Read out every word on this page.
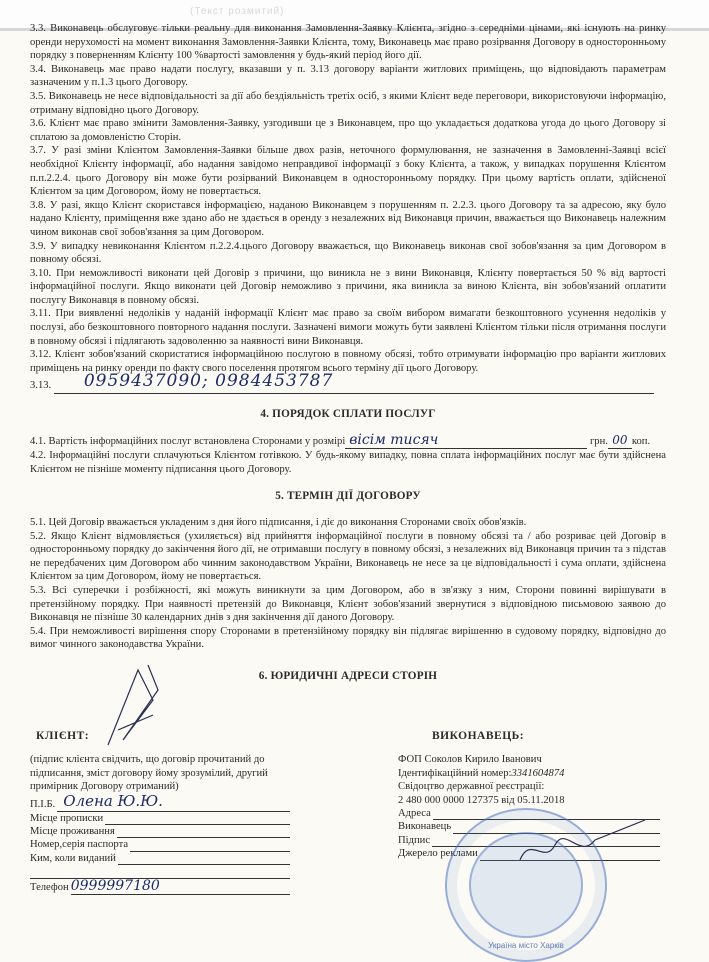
(Текст розмитий)

3.3. Виконавець обслуговує тільки реальну для виконання Замовлення-Заявку Клієнта, згідно з середніми цінами, які існують на ринку оренди нерухомості на момент виконання Замовлення-Заявки Клієнта, тому, Виконавець має право розірвання Договору в односторонньому порядку з поверненням Клієнту 100 %вартості замовлення у будь-який період його дії.

3.4. Виконавець має право надати послугу, вказавши у п. 3.13 договору варіанти житлових приміщень, що відповідають параметрам зазначеним у п.1.3 цього Договору.

3.5. Виконавець не несе відповідальності за дії або бездіяльність третіх осіб, з якими Клієнт веде переговори, використовуючи інформацію, отриману відповідно цього Договору.

3.6. Клієнт має право змінити Замовлення-Заявку, узгодивши це з Виконавцем, про що укладається додаткова угода до цього Договору зі сплатою за домовленістю Сторін.

3.7. У разі зміни Клієнтом Замовлення-Заявки більше двох разів, неточного формулювання, не зазначення в Замовленні-Заявці всієї необхідної Клієнту інформації, або надання завідомо неправдивої інформації з боку Клієнта, а також, у випадках порушення Клієнтом п.п.2.2.4. цього Договору він може бути розірваний Виконавцем в односторонньому порядку. При цьому вартість оплати, здійсненої Клієнтом за цим Договором, йому не повертається.

3.8. У разі, якщо Клієнт скористався інформацією, наданою Виконавцем з порушенням п. 2.2.3. цього Договору та за адресою, яку було надано Клієнту, приміщення вже здано або не здається в оренду з незалежних від Виконавця причин, вважається що Виконавець належним чином виконав свої зобов'язання за цим Договором.

3.9. У випадку невиконання Клієнтом п.2.2.4.цього Договору вважається, що Виконавець виконав свої зобов'язання за цим Договором в повному обсязі.

3.10. При неможливості виконати цей Договір з причини, що виникла не з вини Виконавця, Клієнту повертається 50 % від вартості інформаційної послуги. Якщо виконати цей Договір неможливо з причини, яка виникла за виною Клієнта, він зобов'язаний оплатити послугу Виконавця в повному обсязі.

3.11. При виявленні недоліків у наданій інформації Клієнт має право за своїм вибором вимагати безкоштовного усунення недоліків у послузі, або безкоштовного повторного надання послуги. Зазначені вимоги можуть бути заявлені Клієнтом тільки після отримання послуги в повному обсязі і підлягають задоволенню за наявності вини Виконавця.

3.12. Клієнт зобов'язаний скористатися інформаційною послугою в повному обсязі, тобто отримувати інформацію про варіанти житлових приміщень на ринку оренди по факту свого поселення протягом всього терміну дії цього Договору.

3.13. 0959437090; 0984453787

4. ПОРЯДОК СПЛАТИ ПОСЛУГ

4.1. Вартість інформаційних послуг встановлена Сторонами у розмірі вісім тисяч	грн. 00 коп.

4.2. Інформаційні послуги сплачуються Клієнтом готівкою. У будь-якому випадку, повна сплата інформаційних послуг має бути здійснена Клієнтом не пізніше моменту підписання цього Договору.

5. ТЕРМІН ДІЇ ДОГОВОРУ

5.1. Цей Договір вважається укладеним з дня його підписання, і діє до виконання Сторонами своїх обов'язків.

5.2. Якщо Клієнт відмовляється (ухиляється) від прийняття інформаційної послуги в повному обсязі та / або розриває цей Договір в односторонньому порядку до закінчення його дії, не отримавши послугу в повному обсязі, з незалежних від Виконавця причин та з підстав не передбачених цим Договором або чинним законодавством України, Виконавець не несе за це відповідальності і сума оплати, здійснена Клієнтом за цим Договором, йому не повертається.

5.3. Всі суперечки і розбіжності, які можуть виникнути за цим Договором, або в зв'язку з ним, Сторони повинні вирішувати в претензійному порядку. При наявності претензій до Виконавця, Клієнт зобов'язаний звернутися з відповідною письмовою заявою до Виконавця не пізніше 30 календарних днів з дня закінчення дії даного Договору.

5.4. При неможливості вирішення спору Сторонами в претензійному порядку він підлягає вирішенню в судовому порядку, відповідно до вимог чинного законодавства України.

6. ЮРИДИЧНІ АДРЕСИ СТОРІН
КЛІЄНТ:
(підпис клієнта свідчить, що договір прочитаний до підписання, зміст договору йому зрозумілий, другий примірник Договору отриманий)
П.І.Б. Олена Ю.Ю.
Місце прописки
Місце проживання
Номер,серія паспорта
Ким, коли виданий
Телефон 0999997180
ВИКОНАВЕЦЬ:
ФОП Соколов Кирило Іванович
Ідентифікаційний номер:3341604874
Свідоцтво державної реєстрації:
2 480 000 0000 127375 від 05.11.2018
Адреса
Виконавець
Підпис
Джерело реклами
Україна місто Харків
